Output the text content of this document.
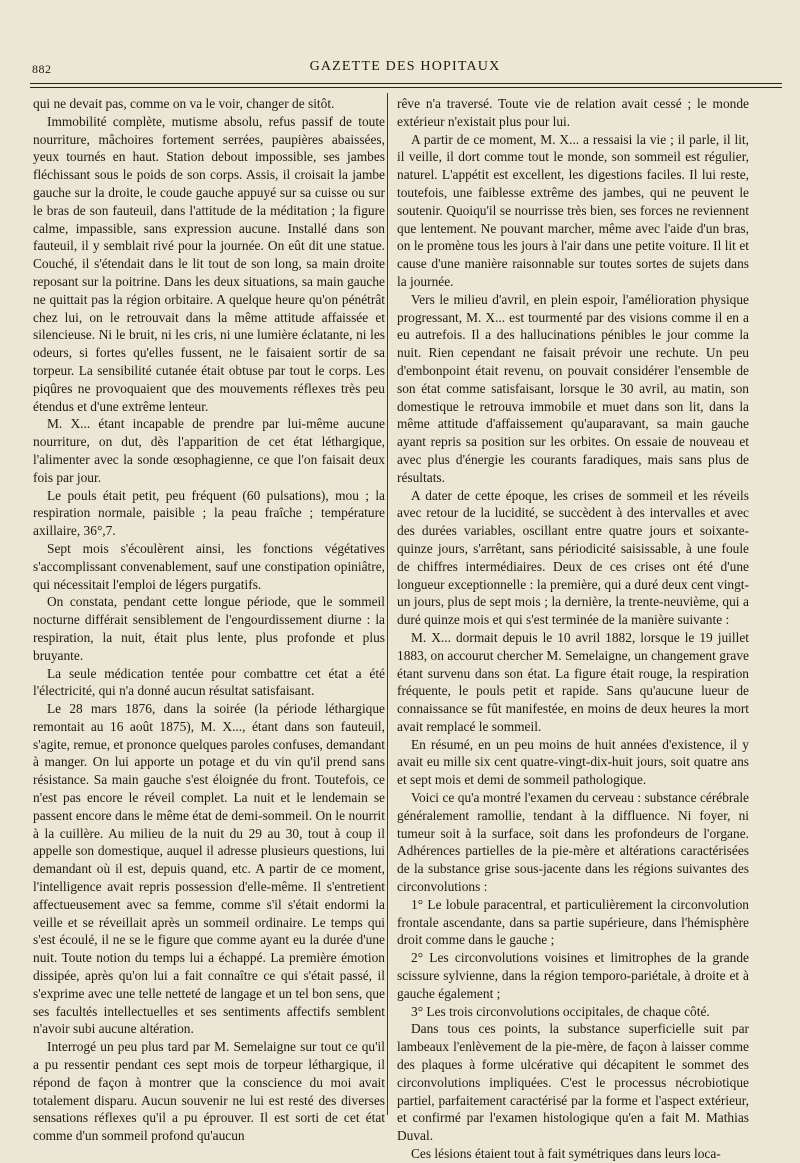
882	GAZETTE DES HOPITAUX

qui ne devait pas, comme on va le voir, changer de sitôt.

Immobilité complète, mutisme absolu, refus passif de toute nourriture, mâchoires fortement serrées, paupières abaissées, yeux tournés en haut. Station debout impossible, ses jambes fléchissant sous le poids de son corps. Assis, il croisait la jambe gauche sur la droite, le coude gauche appuyé sur sa cuisse ou sur le bras de son fauteuil, dans l'attitude de la méditation ; la figure calme, impassible, sans expression aucune. Installé dans son fauteuil, il y semblait rivé pour la journée. On eût dit une statue. Couché, il s'étendait dans le lit tout de son long, sa main droite reposant sur la poitrine. Dans les deux situations, sa main gauche ne quittait pas la région orbitaire. A quelque heure qu'on pénétrât chez lui, on le retrouvait dans la même attitude affaissée et silencieuse. Ni le bruit, ni les cris, ni une lumière éclatante, ni les odeurs, si fortes qu'elles fussent, ne le faisaient sortir de sa torpeur. La sensibilité cutanée était obtuse par tout le corps. Les piqûres ne provoquaient que des mouvements réflexes très peu étendus et d'une extrême lenteur.

M. X... étant incapable de prendre par lui-même aucune nourriture, on dut, dès l'apparition de cet état léthargique, l'alimenter avec la sonde œsophagienne, ce que l'on faisait deux fois par jour.

Le pouls était petit, peu fréquent (60 pulsations), mou ; la respiration normale, paisible ; la peau fraîche ; température axillaire, 36°,7.

Sept mois s'écoulèrent ainsi, les fonctions végétatives s'accomplissant convenablement, sauf une constipation opiniâtre, qui nécessitait l'emploi de légers purgatifs.

On constata, pendant cette longue période, que le sommeil nocturne différait sensiblement de l'engourdissement diurne : la respiration, la nuit, était plus lente, plus profonde et plus bruyante.

La seule médication tentée pour combattre cet état a été l'électricité, qui n'a donné aucun résultat satisfaisant.

Le 28 mars 1876, dans la soirée (la période léthargique remontait au 16 août 1875), M. X..., étant dans son fauteuil, s'agite, remue, et prononce quelques paroles confuses, demandant à manger. On lui apporte un potage et du vin qu'il prend sans résistance. Sa main gauche s'est éloignée du front. Toutefois, ce n'est pas encore le réveil complet. La nuit et le lendemain se passent encore dans le même état de demi-sommeil. On le nourrit à la cuillère. Au milieu de la nuit du 29 au 30, tout à coup il appelle son domestique, auquel il adresse plusieurs questions, lui demandant où il est, depuis quand, etc. A partir de ce moment, l'intelligence avait repris possession d'elle-même. Il s'entretient affectueusement avec sa femme, comme s'il s'était endormi la veille et se réveillait après un sommeil ordinaire. Le temps qui s'est écoulé, il ne se le figure que comme ayant eu la durée d'une nuit. Toute notion du temps lui a échappé. La première émotion dissipée, après qu'on lui a fait connaître ce qui s'était passé, il s'exprime avec une telle netteté de langage et un tel bon sens, que ses facultés intellectuelles et ses sentiments affectifs semblent n'avoir subi aucune altération.

Interrogé un peu plus tard par M. Semelaigne sur tout ce qu'il a pu ressentir pendant ces sept mois de torpeur léthargique, il répond de façon à montrer que la conscience du moi avait totalement disparu. Aucun souvenir ne lui est resté des diverses sensations réflexes qu'il a pu éprouver. Il est sorti de cet état comme d'un sommeil profond qu'aucun

rêve n'a traversé. Toute vie de relation avait cessé ; le monde extérieur n'existait plus pour lui.

A partir de ce moment, M. X... a ressaisi la vie ; il parle, il lit, il veille, il dort comme tout le monde, son sommeil est régulier, naturel. L'appétit est excellent, les digestions faciles. Il lui reste, toutefois, une faiblesse extrême des jambes, qui ne peuvent le soutenir. Quoiqu'il se nourrisse très bien, ses forces ne reviennent que lentement. Ne pouvant marcher, même avec l'aide d'un bras, on le promène tous les jours à l'air dans une petite voiture. Il lit et cause d'une manière raisonnable sur toutes sortes de sujets dans la journée.

Vers le milieu d'avril, en plein espoir, l'amélioration physique progressant, M. X... est tourmenté par des visions comme il en a eu autrefois. Il a des hallucinations pénibles le jour comme la nuit. Rien cependant ne faisait prévoir une rechute. Un peu d'embonpoint était revenu, on pouvait considérer l'ensemble de son état comme satisfaisant, lorsque le 30 avril, au matin, son domestique le retrouva immobile et muet dans son lit, dans la même attitude d'affaissement qu'auparavant, sa main gauche ayant repris sa position sur les orbites. On essaie de nouveau et avec plus d'énergie les courants faradiques, mais sans plus de résultats.

A dater de cette époque, les crises de sommeil et les réveils avec retour de la lucidité, se succèdent à des intervalles et avec des durées variables, oscillant entre quatre jours et soixante-quinze jours, s'arrêtant, sans périodicité saisissable, à une foule de chiffres intermédiaires. Deux de ces crises ont été d'une longueur exceptionnelle : la première, qui a duré deux cent vingt-un jours, plus de sept mois ; la dernière, la trente-neuvième, qui a duré quinze mois et qui s'est terminée de la manière suivante :

M. X... dormait depuis le 10 avril 1882, lorsque le 19 juillet 1883, on accourut chercher M. Semelaigne, un changement grave étant survenu dans son état. La figure était rouge, la respiration fréquente, le pouls petit et rapide. Sans qu'aucune lueur de connaissance se fût manifestée, en moins de deux heures la mort avait remplacé le sommeil.

En résumé, en un peu moins de huit années d'existence, il y avait eu mille six cent quatre-vingt-dix-huit jours, soit quatre ans et sept mois et demi de sommeil pathologique.

Voici ce qu'a montré l'examen du cerveau : substance cérébrale généralement ramollie, tendant à la diffluence. Ni foyer, ni tumeur soit à la surface, soit dans les profondeurs de l'organe. Adhérences partielles de la pie-mère et altérations caractérisées de la substance grise sous-jacente dans les régions suivantes des circonvolutions :

1° Le lobule paracentral, et particulièrement la circonvolution frontale ascendante, dans sa partie supérieure, dans l'hémisphère droit comme dans le gauche ;

2° Les circonvolutions voisines et limitrophes de la grande scissure sylvienne, dans la région temporo-pariétale, à droite et à gauche également ;

3° Les trois circonvolutions occipitales, de chaque côté.

Dans tous ces points, la substance superficielle suit par lambeaux l'enlèvement de la pie-mère, de façon à laisser comme des plaques à forme ulcérative qui décapitent le sommet des circonvolutions impliquées. C'est le processus nécrobiotique partiel, parfaitement caractérisé par la forme et l'aspect extérieur, et confirmé par l'examen histologique qu'en a fait M. Mathias Duval.

Ces lésions étaient tout à fait symétriques dans leurs loca-
